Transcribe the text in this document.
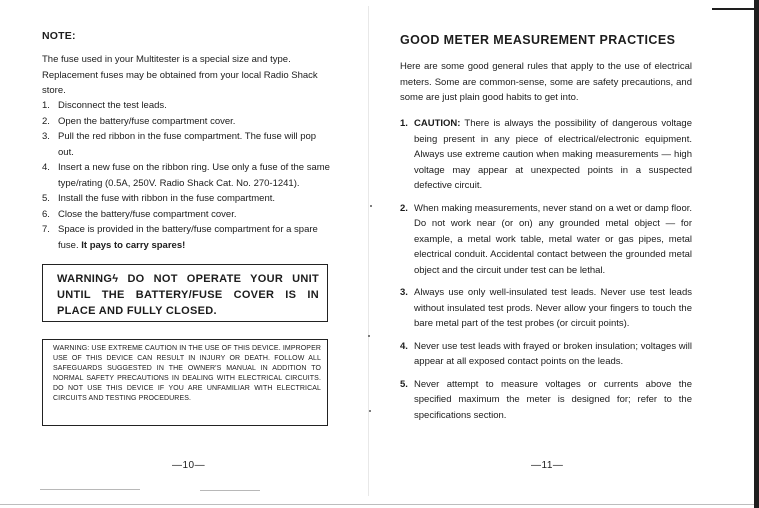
NOTE:
The fuse used in your Multitester is a special size and type. Replacement fuses may be obtained from your local Radio Shack store.
1. Disconnect the test leads.
2. Open the battery/fuse compartment cover.
3. Pull the red ribbon in the fuse compartment. The fuse will pop out.
4. Insert a new fuse on the ribbon ring. Use only a fuse of the same type/rating (0.5A, 250V. Radio Shack Cat. No. 270-1241).
5. Install the fuse with ribbon in the fuse compartment.
6. Close the battery/fuse compartment cover.
7. Space is provided in the battery/fuse compartment for a spare fuse. It pays to carry spares!
WARNINGϟ DO NOT OPERATE YOUR UNIT
UNTIL THE BATTERY/FUSE COVER IS IN
PLACE AND FULLY CLOSED.

WARNING: USE EXTREME CAUTION IN THE USE OF THIS DEVICE. IMPROPER USE OF THIS DEVICE CAN RESULT IN INJURY OR DEATH. FOLLOW ALL SAFEGUARDS SUGGESTED IN THE OWNER'S MANUAL IN ADDITION TO NORMAL SAFETY PRECAUTIONS IN DEALING WITH ELECTRICAL CIRCUITS. DO NOT USE THIS DEVICE IF YOU ARE UNFAMILIAR WITH ELECTRICAL CIRCUITS AND TESTING PROCEDURES.

—10—
GOOD METER MEASUREMENT PRACTICES
Here are some good general rules that apply to the use of electrical meters. Some are common-sense, some are safety precautions, and some are just plain good habits to get into.
1. CAUTION: There is always the possibility of dangerous voltage being present in any piece of electrical/electronic equipment. Always use extreme caution when making measurements — high voltage may appear at unexpected points in a suspected defective circuit.
2. When making measurements, never stand on a wet or damp floor. Do not work near (or on) any grounded metal object — for example, a metal work table, metal water or gas pipes, metal electrical conduit. Accidental contact between the grounded metal object and the circuit under test can be lethal.
3. Always use only well-insulated test leads. Never use test leads without insulated test prods. Never allow your fingers to touch the bare metal part of the test probes (or circuit points).
4. Never use test leads with frayed or broken insulation; voltages will appear at all exposed contact points on the leads.
5. Never attempt to measure voltages or currents above the specified maximum the meter is designed for; refer to the specifications section.
—11—
